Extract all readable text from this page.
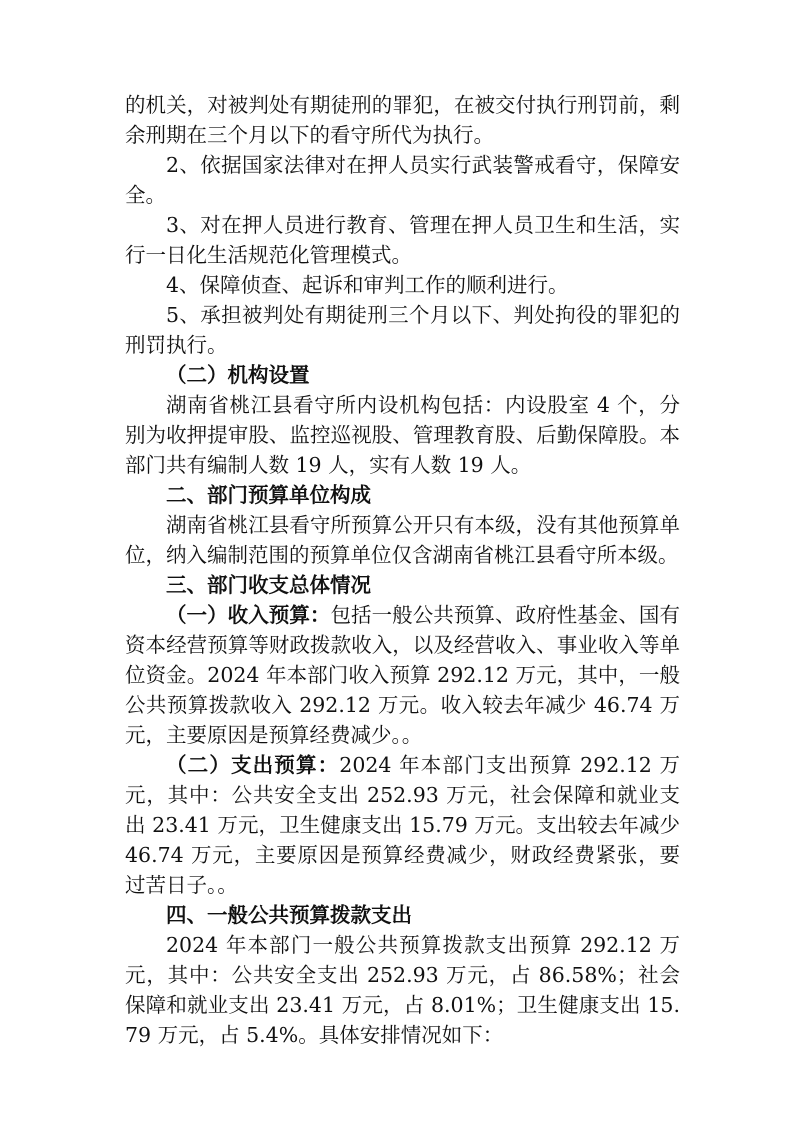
的机关，对被判处有期徒刑的罪犯，在被交付执行刑罚前，剩余刑期在三个月以下的看守所代为执行。

2、依据国家法律对在押人员实行武装警戒看守，保障安全。

3、对在押人员进行教育、管理在押人员卫生和生活，实行一日化生活规范化管理模式。

4、保障侦查、起诉和审判工作的顺利进行。

5、承担被判处有期徒刑三个月以下、判处拘役的罪犯的刑罚执行。

（二）机构设置

湖南省桃江县看守所内设机构包括：内设股室 4 个，分别为收押提审股、监控巡视股、管理教育股、后勤保障股。本部门共有编制人数 19 人，实有人数 19 人。

二、部门预算单位构成

湖南省桃江县看守所预算公开只有本级，没有其他预算单位，纳入编制范围的预算单位仅含湖南省桃江县看守所本级。

三、部门收支总体情况

（一）收入预算：包括一般公共预算、政府性基金、国有资本经营预算等财政拨款收入，以及经营收入、事业收入等单位资金。2024 年本部门收入预算 292.12 万元，其中，一般公共预算拨款收入 292.12 万元。收入较去年减少 46.74 万元，主要原因是预算经费减少。。

（二）支出预算：2024 年本部门支出预算 292.12 万元，其中：公共安全支出 252.93 万元，社会保障和就业支出 23.41 万元，卫生健康支出 15.79 万元。支出较去年减少 46.74 万元，主要原因是预算经费减少，财政经费紧张，要过苦日子。。

四、一般公共预算拨款支出

2024 年本部门一般公共预算拨款支出预算 292.12 万元，其中：公共安全支出 252.93 万元，占 86.58%；社会保障和就业支出 23.41 万元，占 8.01%；卫生健康支出 15.79 万元，占 5.4%。具体安排情况如下：
